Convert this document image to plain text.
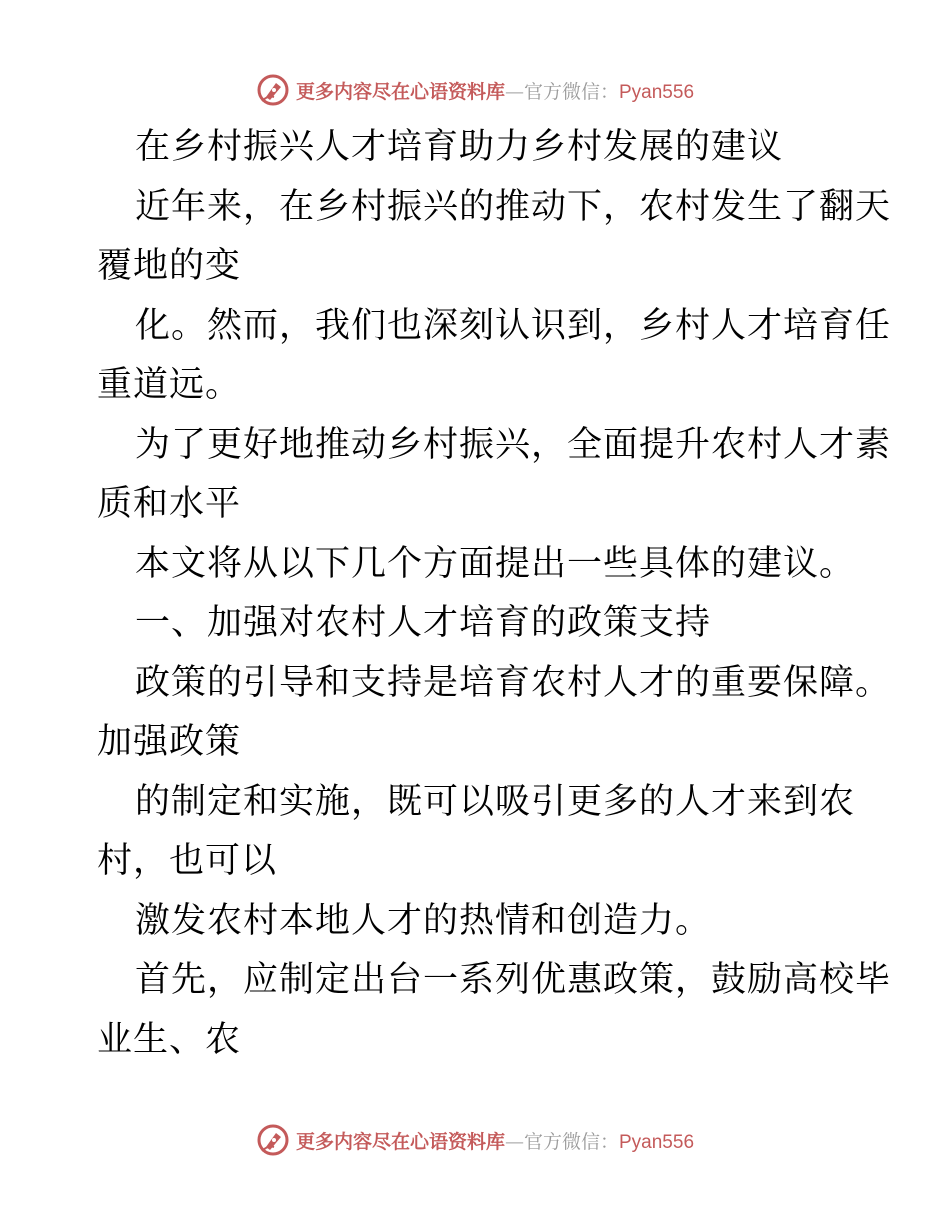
更多内容尽在心语资料库—官方微信：Pyan556
在乡村振兴人才培育助力乡村发展的建议
近年来，在乡村振兴的推动下，农村发生了翻天
覆地的变
化。然而，我们也深刻认识到，乡村人才培育任
重道远。
为了更好地推动乡村振兴，全面提升农村人才素
质和水平
本文将从以下几个方面提出一些具体的建议。
一、加强对农村人才培育的政策支持
政策的引导和支持是培育农村人才的重要保障。
加强政策
的制定和实施，既可以吸引更多的人才来到农
村，也可以
激发农村本地人才的热情和创造力。
首先，应制定出台一系列优惠政策，鼓励高校毕
业生、农
更多内容尽在心语资料库—官方微信：Pyan556
